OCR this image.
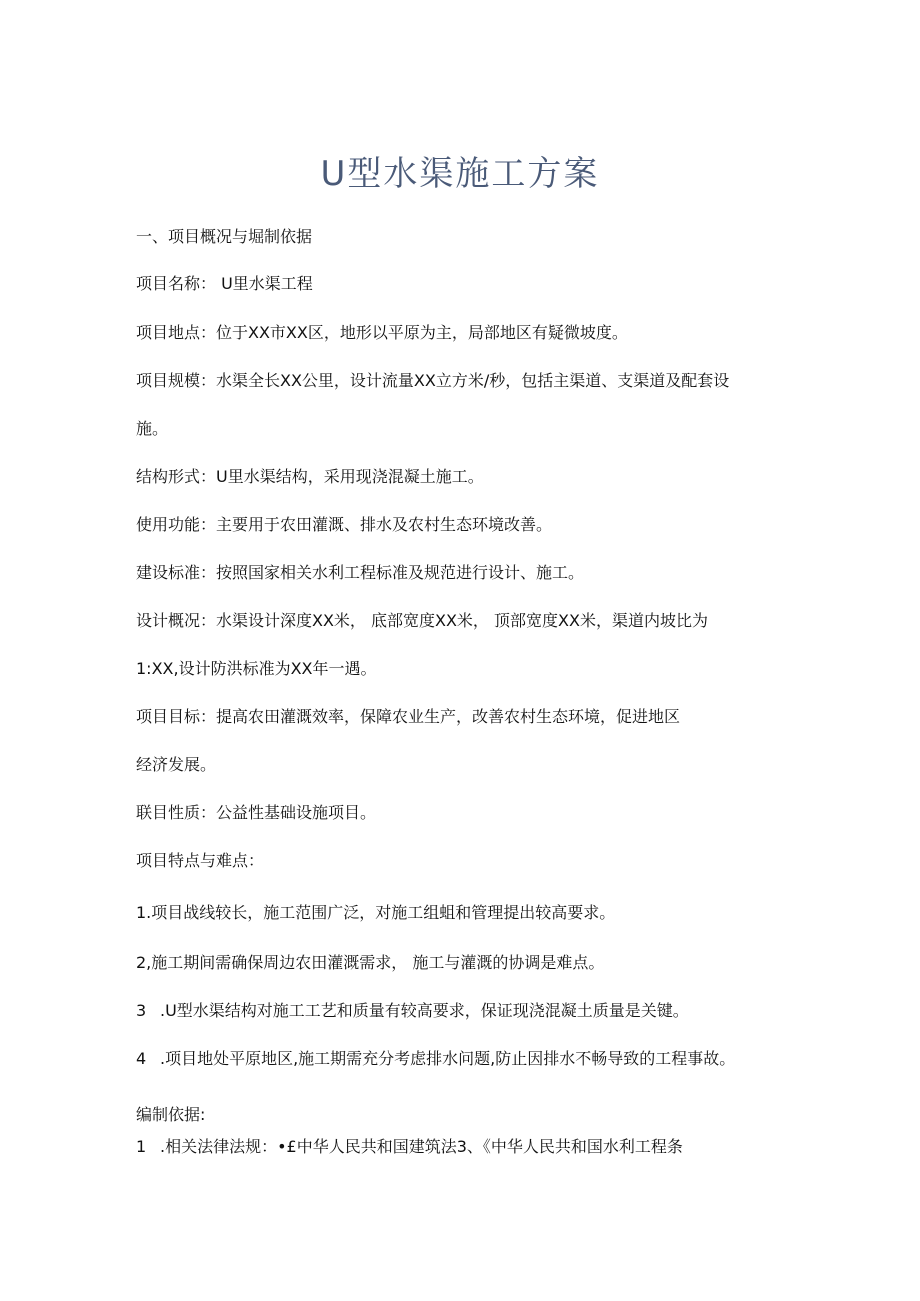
U型水渠施工方案

一、项目概况与堀制依据

项目名称： U里水渠工程

项目地点：位于XX市XX区，地形以平原为主，局部地区有疑微坡度。

项目规模：水渠全长XX公里，设计流量XX立方米/秒，包括主渠道、支渠道及配套设

施。

结构形式：U里水渠结构，采用现浇混凝土施工。

使用功能：主要用于农田灌溉、排水及农村生态环境改善。

建设标准：按照国家相关水利工程标准及规范进行设计、施工。

设计概况：水渠设计深度XX米， 底部宽度XX米， 顶部宽度XX米，渠道内坡比为

1:XX,设计防洪标准为XX年一遇。

项目目标：提高农田灌溉效率，保障农业生产，改善农村生态环境，促进地区

经济发展。

联目性质：公益性基础设施项目。

项目特点与难点：

1.项目战线较长，施工范围广泛，对施工组蛆和管理提出较高要求。

2,施工期间需确保周边农田灌溉需求， 施工与灌溉的协调是难点。

3 .U型水渠结构对施工工艺和质量有较高要求，保证现浇混凝土质量是关键。

4 .项目地处平原地区,施工期需充分考虑排水问题,防止因排水不畅导致的工程事故。

编制依据:

1 .相关法律法规：•£中华人民共和国建筑法3、《中华人民共和国水利工程条
